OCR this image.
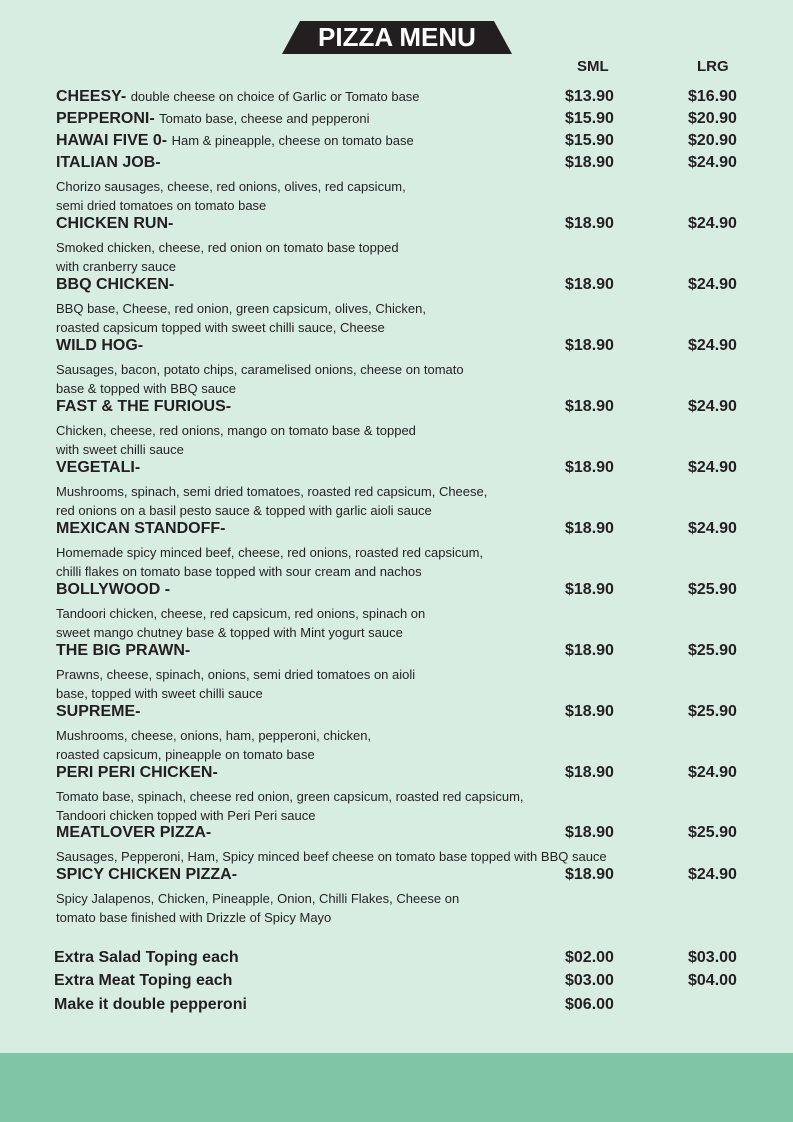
PIZZA MENU
SML	LRG
CHEESY- double cheese on choice of Garlic or Tomato base	$13.90	$16.90
PEPPERONI- Tomato base, cheese and pepperoni	$15.90	$20.90
HAWAI FIVE 0- Ham & pineapple, cheese on tomato base	$15.90	$20.90
ITALIAN JOB-	$18.90	$24.90
Chorizo sausages, cheese, red onions, olives, red capsicum,
semi dried tomatoes on tomato base
CHICKEN RUN-	$18.90	$24.90
Smoked chicken, cheese, red onion on tomato base topped
with cranberry sauce
BBQ CHICKEN-	$18.90	$24.90
BBQ base, Cheese, red onion, green capsicum, olives, Chicken,
roasted capsicum topped with sweet chilli sauce, Cheese
WILD HOG-	$18.90	$24.90
Sausages, bacon, potato chips, caramelised onions, cheese on tomato
base & topped with BBQ sauce
FAST & THE FURIOUS-	$18.90	$24.90
Chicken, cheese, red onions, mango on tomato base & topped
with sweet chilli sauce
VEGETALI-	$18.90	$24.90
Mushrooms, spinach, semi dried tomatoes, roasted red capsicum, Cheese,
red onions on a basil pesto sauce & topped with garlic aioli sauce
MEXICAN STANDOFF-	$18.90	$24.90
Homemade spicy minced beef, cheese, red onions, roasted red capsicum,
chilli flakes on tomato base topped with sour cream and nachos
BOLLYWOOD -	$18.90	$25.90
Tandoori chicken, cheese, red capsicum, red onions, spinach on
sweet mango chutney base & topped with Mint yogurt sauce
THE BIG PRAWN-	$18.90	$25.90
Prawns, cheese, spinach, onions, semi dried tomatoes on aioli
base, topped with sweet chilli sauce
SUPREME-	$18.90	$25.90
Mushrooms, cheese, onions, ham, pepperoni, chicken,
roasted capsicum, pineapple on tomato base
PERI PERI CHICKEN-	$18.90	$24.90
Tomato base, spinach, cheese red onion, green capsicum, roasted red capsicum,
Tandoori chicken topped with Peri Peri sauce
MEATLOVER PIZZA-	$18.90	$25.90
Sausages, Pepperoni, Ham, Spicy minced beef cheese on tomato base topped with BBQ sauce
SPICY CHICKEN PIZZA-	$18.90	$24.90
Spicy Jalapenos, Chicken, Pineapple, Onion, Chilli Flakes, Cheese on
tomato base finished with Drizzle of Spicy Mayo
Extra Salad Toping each	$02.00	$03.00
Extra Meat Toping each	$03.00	$04.00
Make it double pepperoni	$06.00
